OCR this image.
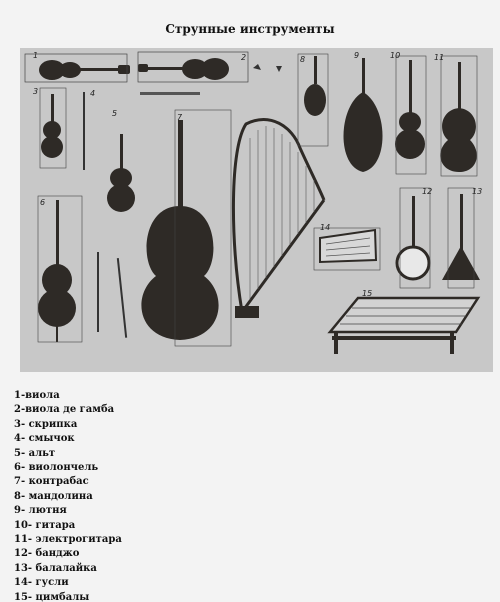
Струнные инструменты
1	2
3	4
5
6
7
8	9	10	11
12	13
14
15
1-виола
2-виола де гамба
3- скрипка
4- смычок
5- альт
6- виолончель
7- контрабас
8- мандолина
9- лютня
10- гитара
11- электрогитара
12- банджо
13- балалайка
14- гусли
15- цимбалы
